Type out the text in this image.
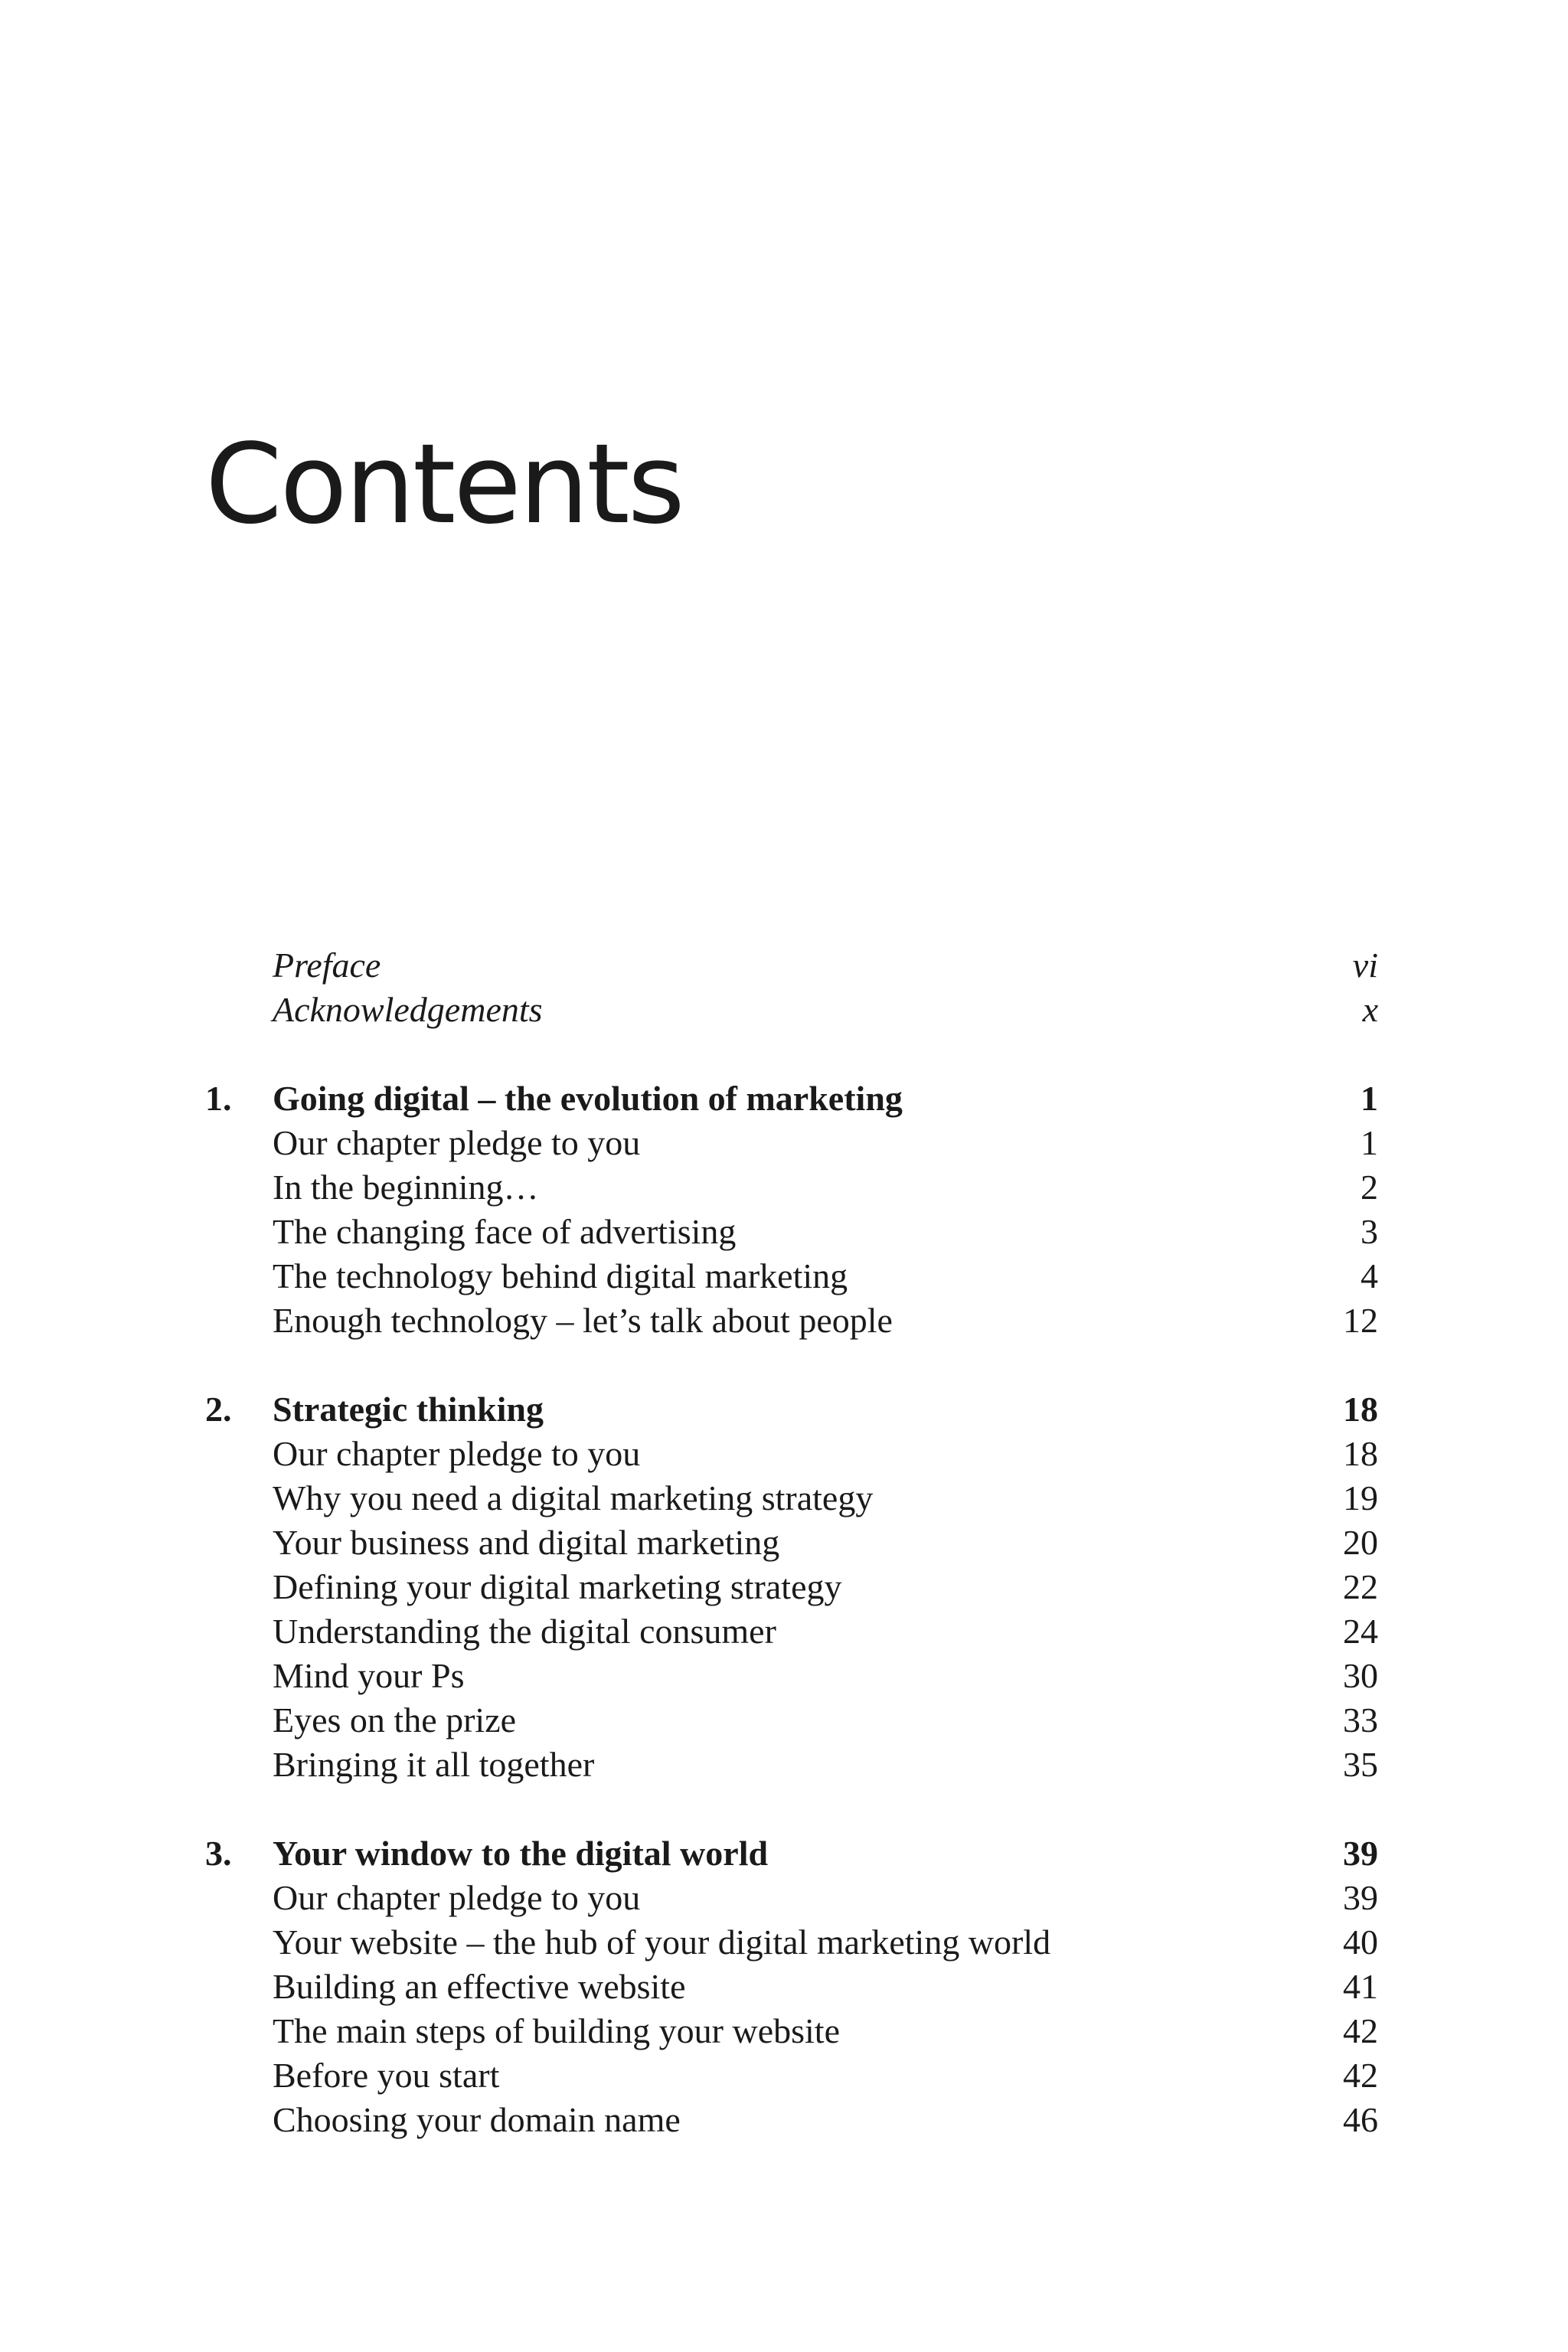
Contents
Preface	vi
Acknowledgements	x
1.	Going digital – the evolution of marketing	1
Our chapter pledge to you	1
In the beginning…	2
The changing face of advertising	3
The technology behind digital marketing	4
Enough technology – let’s talk about people	12
2.	Strategic thinking	18
Our chapter pledge to you	18
Why you need a digital marketing strategy	19
Your business and digital marketing	20
Defining your digital marketing strategy	22
Understanding the digital consumer	24
Mind your Ps	30
Eyes on the prize	33
Bringing it all together	35
3.	Your window to the digital world	39
Our chapter pledge to you	39
Your website – the hub of your digital marketing world	40
Building an effective website	41
The main steps of building your website	42
Before you start	42
Choosing your domain name	46
